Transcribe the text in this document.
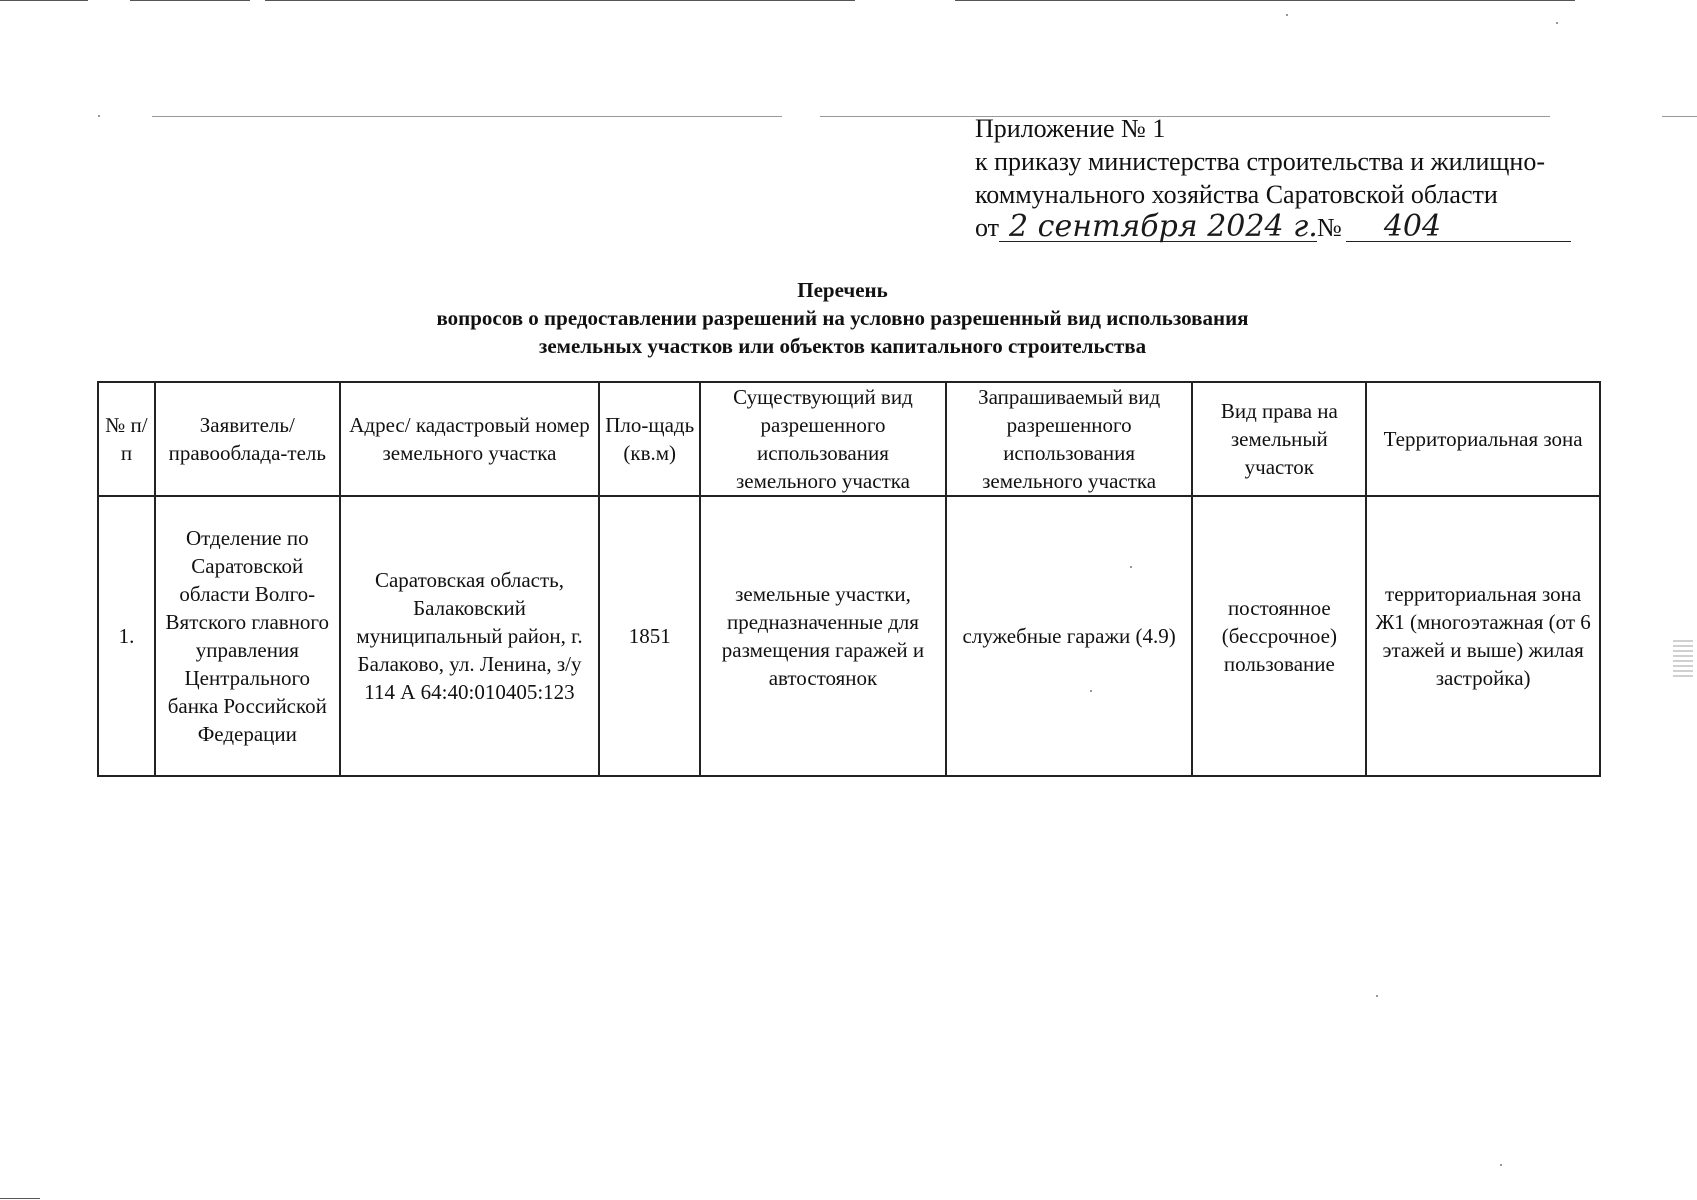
Приложение № 1
к приказу министерства строительства и жилищно-
коммунального хозяйства Саратовской области
от 2 сентября 2024 г. №	404
Перечень
вопросов о предоставлении разрешений на условно разрешенный вид использования
земельных участков или объектов капитального строительства
№ п/п	Заявитель/ правооблада-тель	Адрес/ кадастровый номер земельного участка	Пло-щадь (кв.м)	Существующий вид разрешенного использования земельного участка	Запрашиваемый вид разрешенного использования земельного участка	Вид права на земельный участок	Территориальная зона
1.	Отделение по Саратовской области Волго-Вятского главного управления Центрального банка Российской Федерации	Саратовская область, Балаковский муниципальный район, г. Балаково, ул. Ленина, з/у 114 А 64:40:010405:123	1851	земельные участки, предназначенные для размещения гаражей и автостоянок	служебные гаражи (4.9)	постоянное (бессрочное) пользование	территориальная зона Ж1 (многоэтажная (от 6 этажей и выше) жилая застройка)
